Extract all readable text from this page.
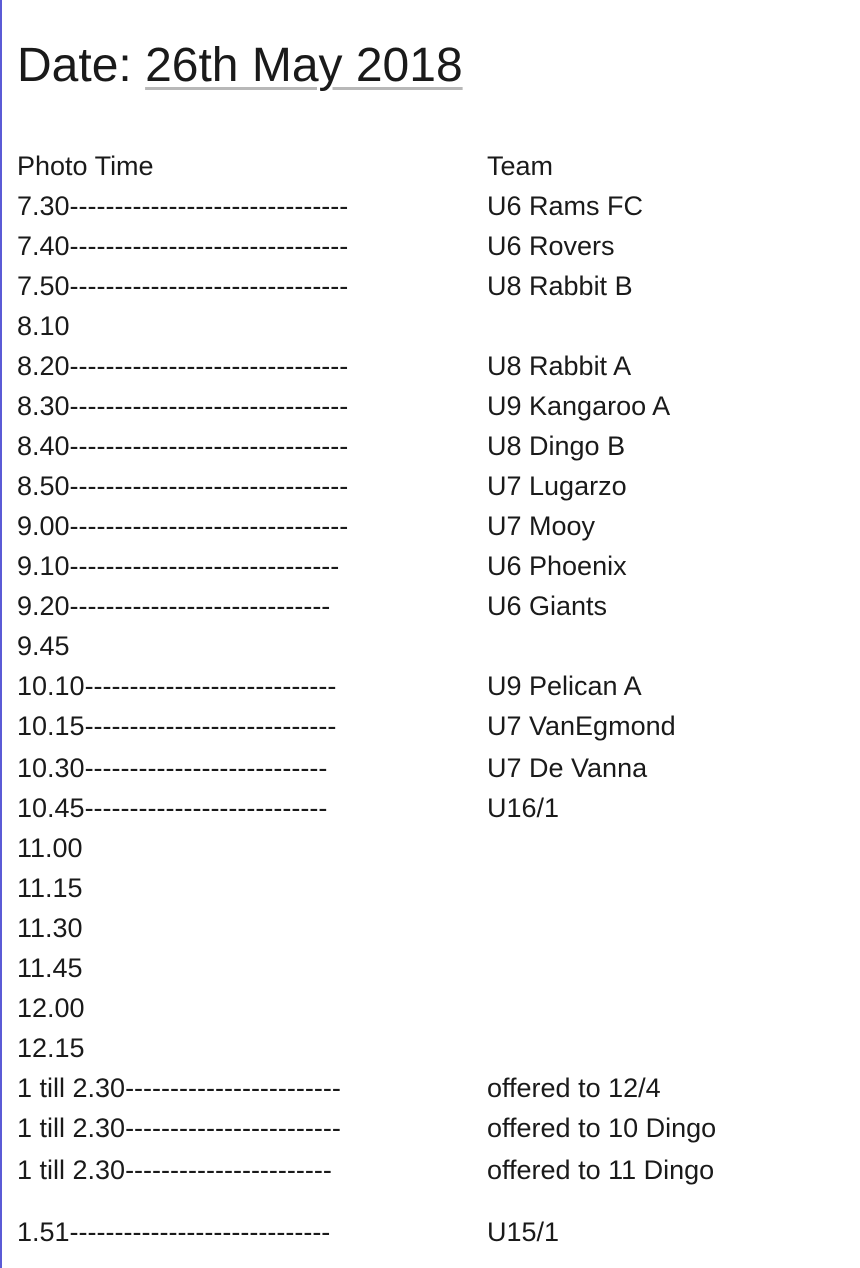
Date: 26th May 2018
Photo Time	Team
7.30-------------------------------	U6 Rams FC
7.40-------------------------------	U6 Rovers
7.50-------------------------------	U8 Rabbit B
8.10
8.20-------------------------------	U8 Rabbit A
8.30-------------------------------	U9 Kangaroo A
8.40-------------------------------	U8 Dingo B
8.50-------------------------------	U7 Lugarzo
9.00-------------------------------	U7 Mooy
9.10------------------------------	U6 Phoenix
9.20-----------------------------	U6 Giants
9.45
10.10----------------------------	U9 Pelican A
10.15----------------------------	U7 VanEgmond
10.30---------------------------	U7 De Vanna
10.45---------------------------	U16/1
11.00
11.15
11.30
11.45
12.00
12.15
1 till 2.30------------------------	offered to 12/4
1 till 2.30------------------------	offered to 10 Dingo
1 till 2.30-----------------------	offered to 11 Dingo
1.51-----------------------------	U15/1
